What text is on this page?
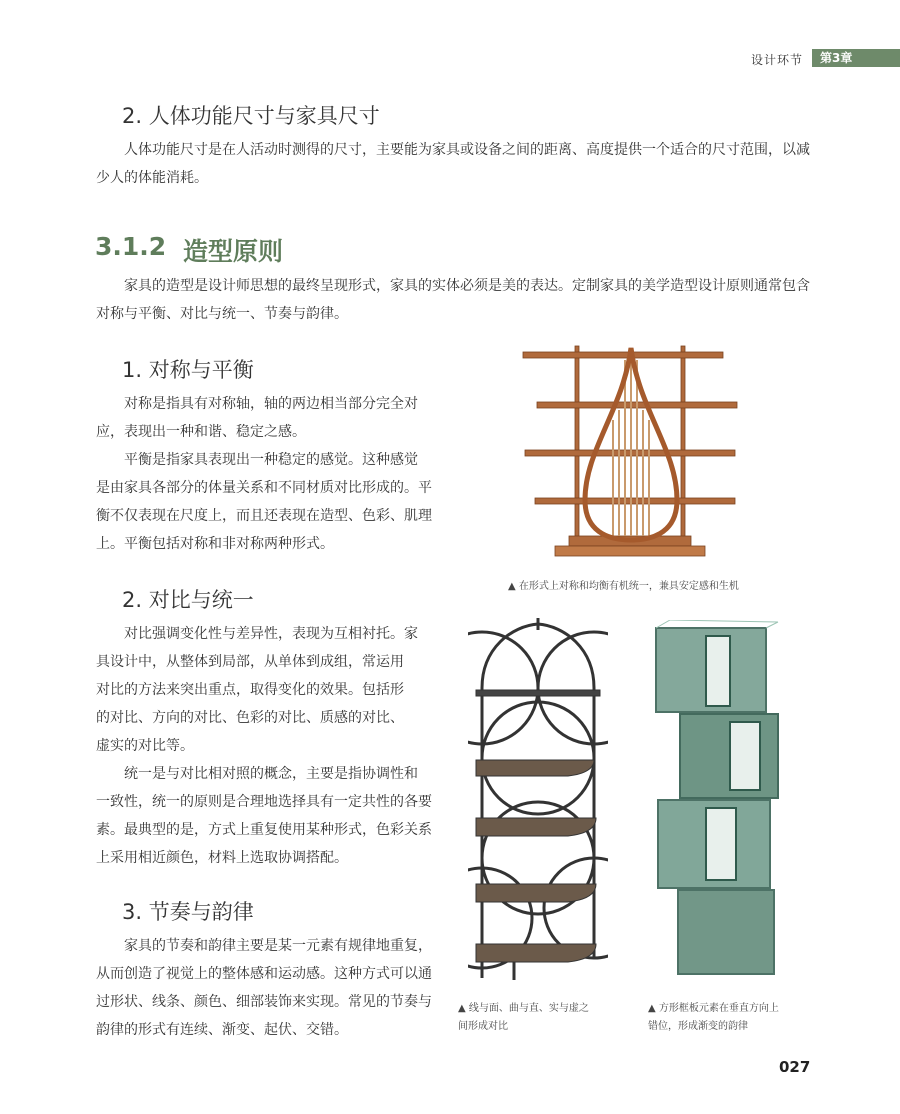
设计环节	第3章
2. 人体功能尺寸与家具尺寸
人体功能尺寸是在人活动时测得的尺寸，主要能为家具或设备之间的距离、高度提供一个适合的尺寸范围，以减
少人的体能消耗。
3.1.2 造型原则
家具的造型是设计师思想的最终呈现形式，家具的实体必须是美的表达。定制家具的美学造型设计原则通常包含
对称与平衡、对比与统一、节奏与韵律。
1. 对称与平衡
对称是指具有对称轴，轴的两边相当部分完全对
应，表现出一种和谐、稳定之感。
平衡是指家具表现出一种稳定的感觉。这种感觉
是由家具各部分的体量关系和不同材质对比形成的。平
衡不仅表现在尺度上，而且还表现在造型、色彩、肌理
上。平衡包括对称和非对称两种形式。
2. 对比与统一
对比强调变化性与差异性，表现为互相衬托。家
具设计中，从整体到局部，从单体到成组，常运用
对比的方法来突出重点，取得变化的效果。包括形
的对比、方向的对比、色彩的对比、质感的对比、
虚实的对比等。
统一是与对比相对照的概念，主要是指协调性和
一致性，统一的原则是合理地选择具有一定共性的各要
素。最典型的是，方式上重复使用某种形式，色彩关系
上采用相近颜色，材料上选取协调搭配。
3. 节奏与韵律
家具的节奏和韵律主要是某一元素有规律地重复，
从而创造了视觉上的整体感和运动感。这种方式可以通
过形状、线条、颜色、细部装饰来实现。常见的节奏与
韵律的形式有连续、渐变、起伏、交错。
▲ 在形式上对称和均衡有机统一，兼具安定感和生机
▲ 线与面、曲与直、实与虚之
间形成对比
▲ 方形框板元素在垂直方向上
错位，形成渐变的韵律
027
